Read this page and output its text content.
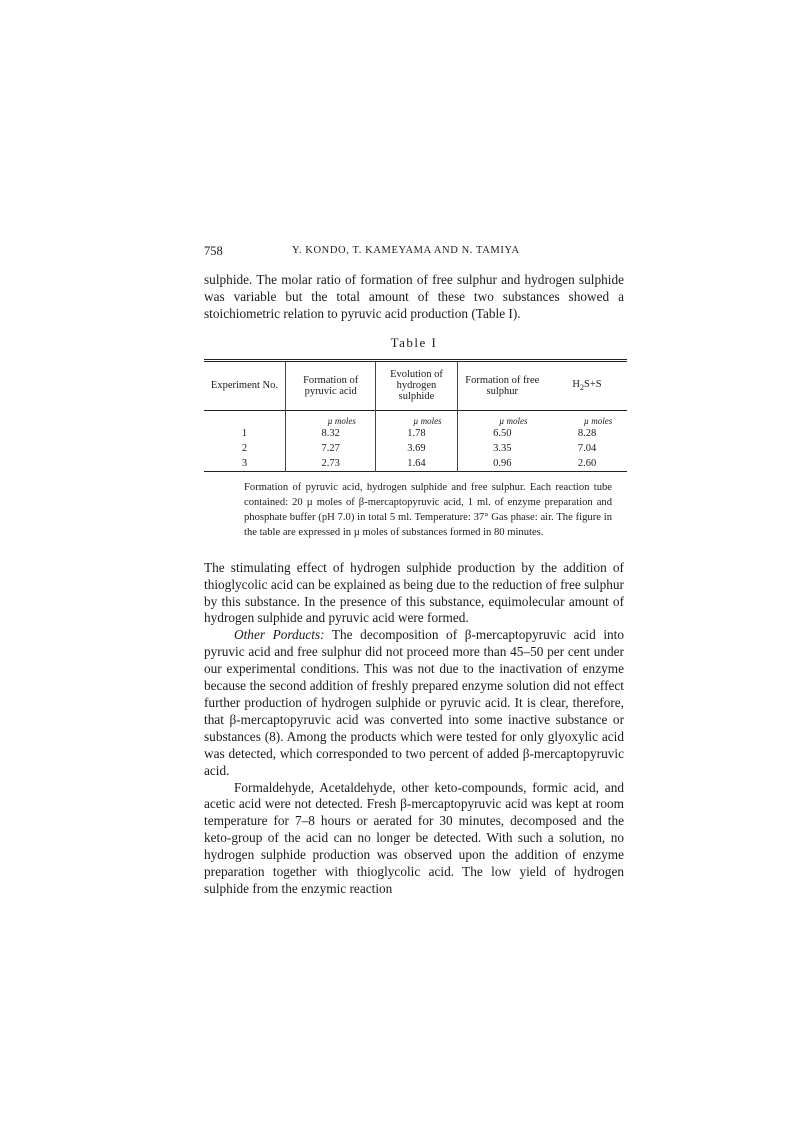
758	Y. KONDO, T. KAMEYAMA AND N. TAMIYA

sulphide. The molar ratio of formation of free sulphur and hydrogen sulphide was variable but the total amount of these two substances showed a stoichiometric relation to pyruvic acid production (Table I).

Table I
Experiment No.	Formation of pyruvic acid	Evolution of hydrogen sulphide	Formation of free sulphur	$H_2S+S$

	µ moles	µ moles	µ moles	µ moles

1	8.32	1.78	6.50	8.28
2	7.27	3.69	3.35	7.04
3	2.73	1.64	0.96	2.60

Formation of pyruvic acid, hydrogen sulphide and free sulphur. Each reaction tube contained: 20 µ moles of β-mercaptopyruvic acid, 1 ml. of enzyme preparation and phosphate buffer (pH 7.0) in total 5 ml. Temperature: 37° Gas phase: air. The figure in the table are expressed in µ moles of substances formed in 80 minutes.

The stimulating effect of hydrogen sulphide production by the addition of thioglycolic acid can be explained as being due to the reduction of free sulphur by this substance. In the presence of this substance, equimolecular amount of hydrogen sulphide and pyruvic acid were formed.

Other Porducts: The decomposition of β-mercaptopyruvic acid into pyruvic acid and free sulphur did not proceed more than 45–50 per cent under our experimental conditions. This was not due to the inactivation of enzyme because the second addition of freshly prepared enzyme solution did not effect further production of hydrogen sulphide or pyruvic acid. It is clear, therefore, that β-mercaptopyruvic acid was converted into some inactive substance or substances (8). Among the products which were tested for only glyoxylic acid was detected, which corresponded to two percent of added β-mercaptopyruvic acid.

Formaldehyde, Acetaldehyde, other keto-compounds, formic acid, and acetic acid were not detected. Fresh β-mercaptopyruvic acid was kept at room temperature for 7–8 hours or aerated for 30 minutes, decomposed and the keto-group of the acid can no longer be detected. With such a solution, no hydrogen sulphide production was observed upon the addition of enzyme preparation together with thioglycolic acid. The low yield of hydrogen sulphide from the enzymic reaction
